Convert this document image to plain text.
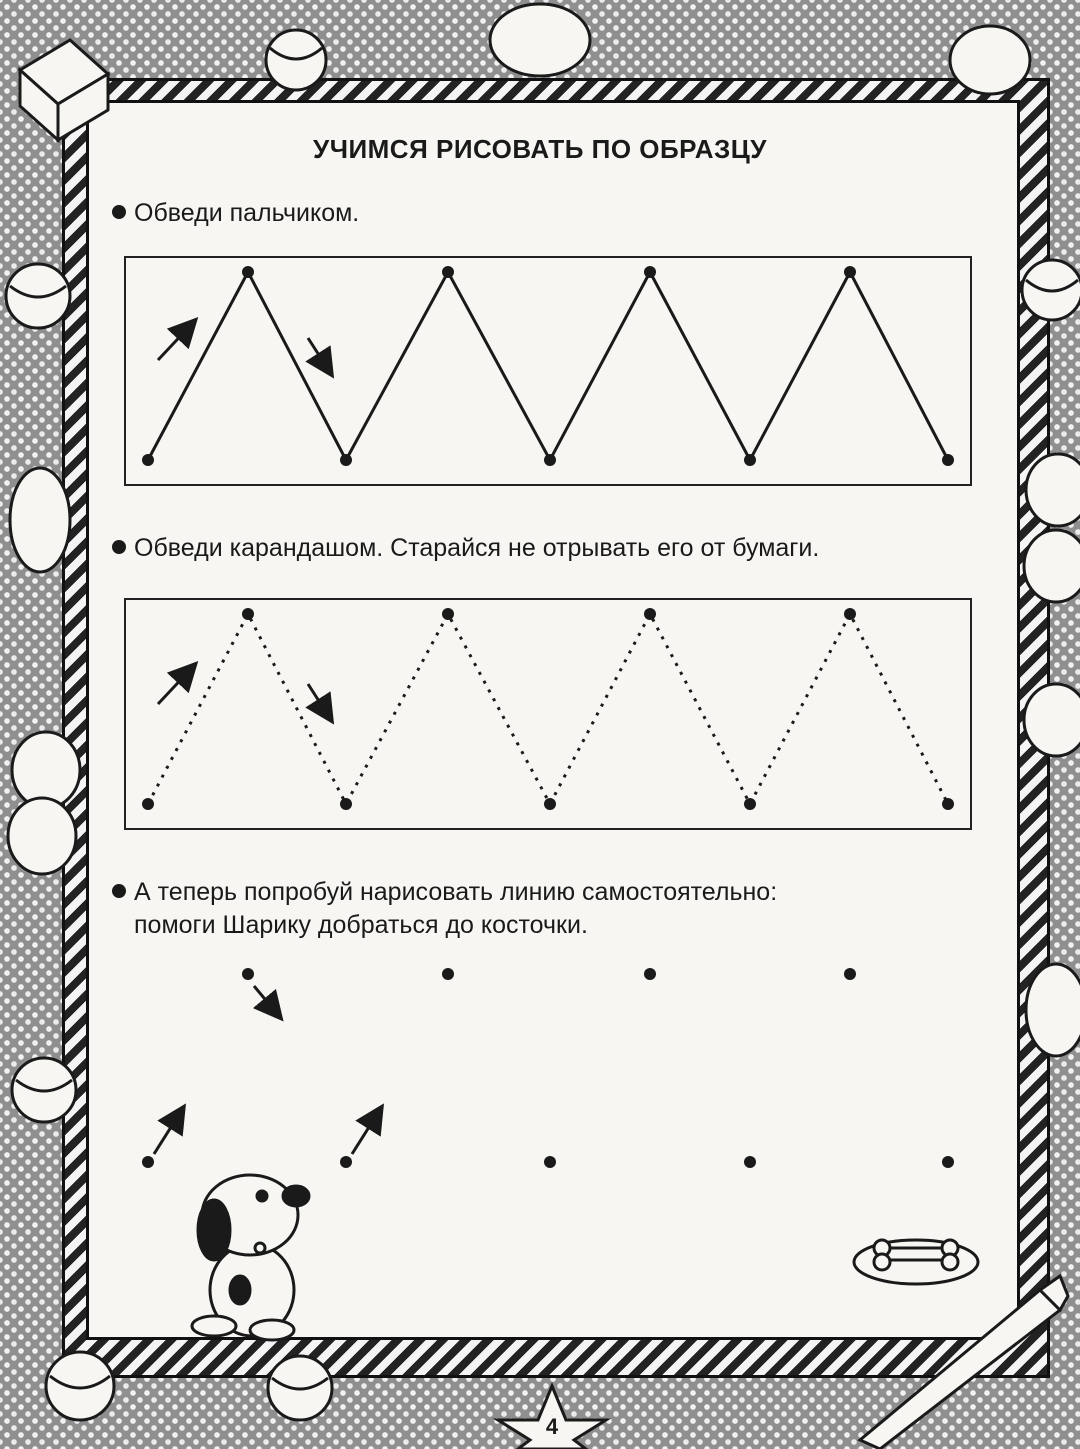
УЧИМСЯ РИСОВАТЬ ПО ОБРАЗЦУ
Обведи пальчиком.
Обведи карандашом. Старайся не отрывать его от бумаги.
А теперь попробуй нарисовать линию самостоятельно:
помоги Шарику добраться до косточки.
4
